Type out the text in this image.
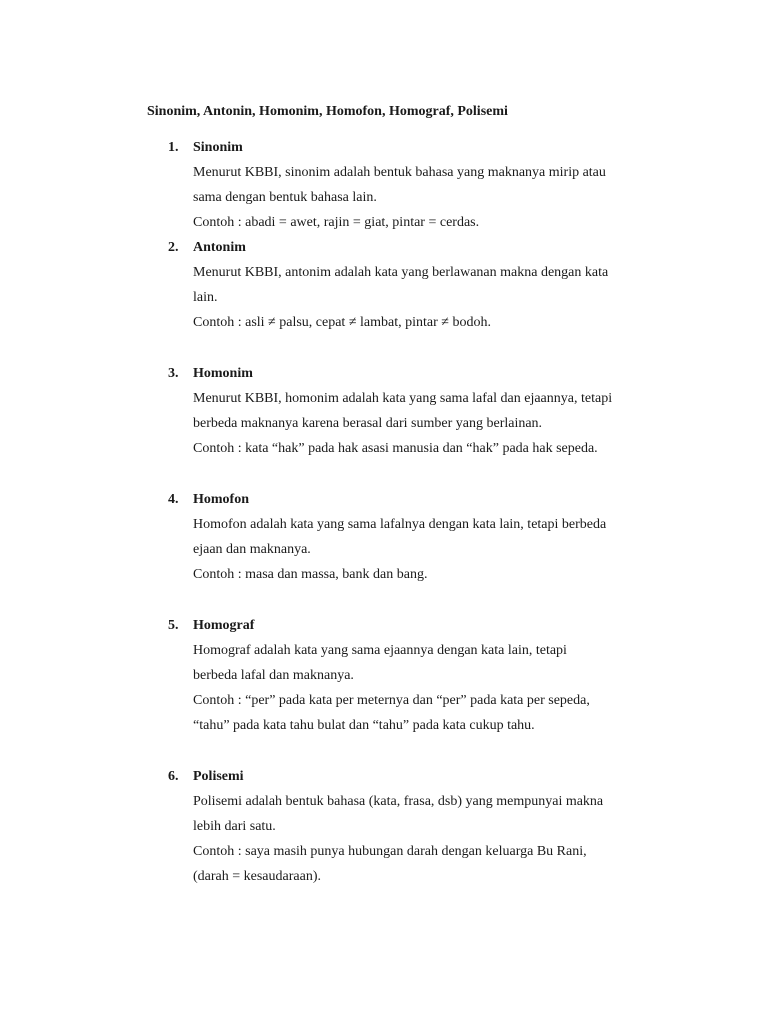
Sinonim, Antonin, Homonim, Homofon, Homograf, Polisemi
1. Sinonim
Menurut KBBI, sinonim adalah bentuk bahasa yang maknanya mirip atau
sama dengan bentuk bahasa lain.
Contoh : abadi = awet, rajin = giat, pintar = cerdas.
2. Antonim
Menurut KBBI, antonim adalah kata yang berlawanan makna dengan kata
lain.
Contoh : asli ≠ palsu, cepat ≠ lambat, pintar ≠ bodoh.
3. Homonim
Menurut KBBI, homonim adalah kata yang sama lafal dan ejaannya, tetapi
berbeda maknanya karena berasal dari sumber yang berlainan.
Contoh : kata “hak” pada hak asasi manusia dan “hak” pada hak sepeda.
4. Homofon
Homofon adalah kata yang sama lafalnya dengan kata lain, tetapi berbeda
ejaan dan maknanya.
Contoh : masa dan massa, bank dan bang.
5. Homograf
Homograf adalah kata yang sama ejaannya dengan kata lain, tetapi
berbeda lafal dan maknanya.
Contoh : “per” pada kata per meternya dan “per” pada kata per sepeda,
“tahu” pada kata tahu bulat dan “tahu” pada kata cukup tahu.
6. Polisemi
Polisemi adalah bentuk bahasa (kata, frasa, dsb) yang mempunyai makna
lebih dari satu.
Contoh : saya masih punya hubungan darah dengan keluarga Bu Rani,
(darah = kesaudaraan).
